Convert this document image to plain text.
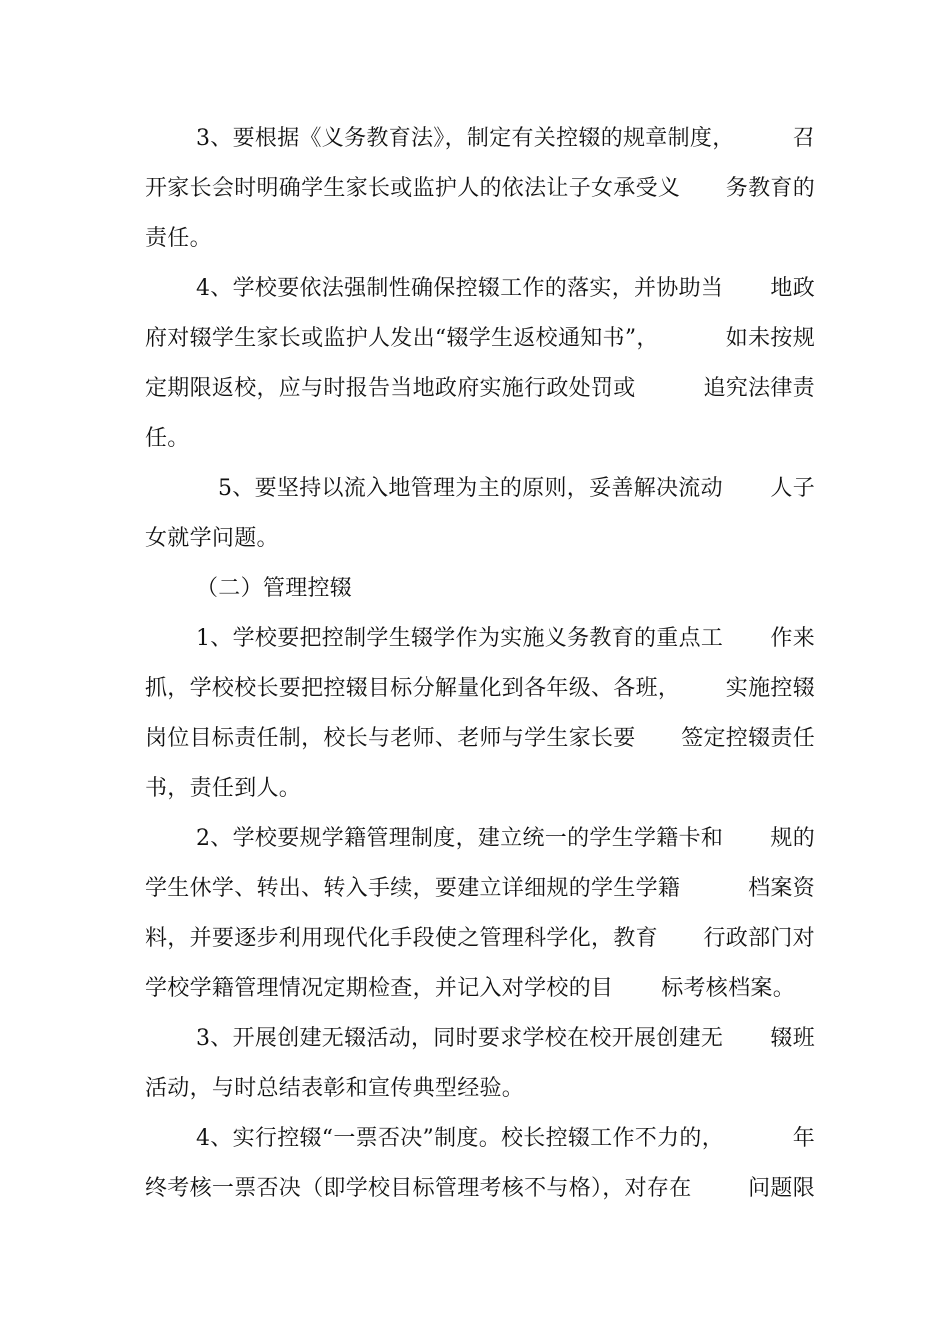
3、要根据《义务教育法》，制定有关控辍的规章制度，	召
开家长会时明确学生家长或监护人的依法让子女承受义 务教育的
责任。
4、学校要依法强制性确保控辍工作的落实，并协助当 地政
府对辍学生家长或监护人发出“辍学生返校通知书”，	如未按规
定期限返校，应与时报告当地政府实施行政处罚或	追究法律责
任。
5、要坚持以流入地管理为主的原则，妥善解决流动 人子
女就学问题。
（二）管理控辍
1、学校要把控制学生辍学作为实施义务教育的重点工 作来
抓，学校校长要把控辍目标分解量化到各年级、各班， 实施控辍
岗位目标责任制，校长与老师、老师与学生家长要 签定控辍责任
书，责任到人。
2、学校要规学籍管理制度，建立统一的学生学籍卡和 规的
学生休学、转出、转入手续，要建立详细规的学生学籍	档案资
料，并要逐步利用现代化手段使之管理科学化，教育 行政部门对
学校学籍管理情况定期检查，并记入对学校的目 标考核档案。
3、开展创建无辍活动，同时要求学校在校开展创建无 辍班
活动，与时总结表彰和宣传典型经验。
4、实行控辍“一票否决”制度。校长控辍工作不力的，	年
终考核一票否决（即学校目标管理考核不与格），对存在	问题限
